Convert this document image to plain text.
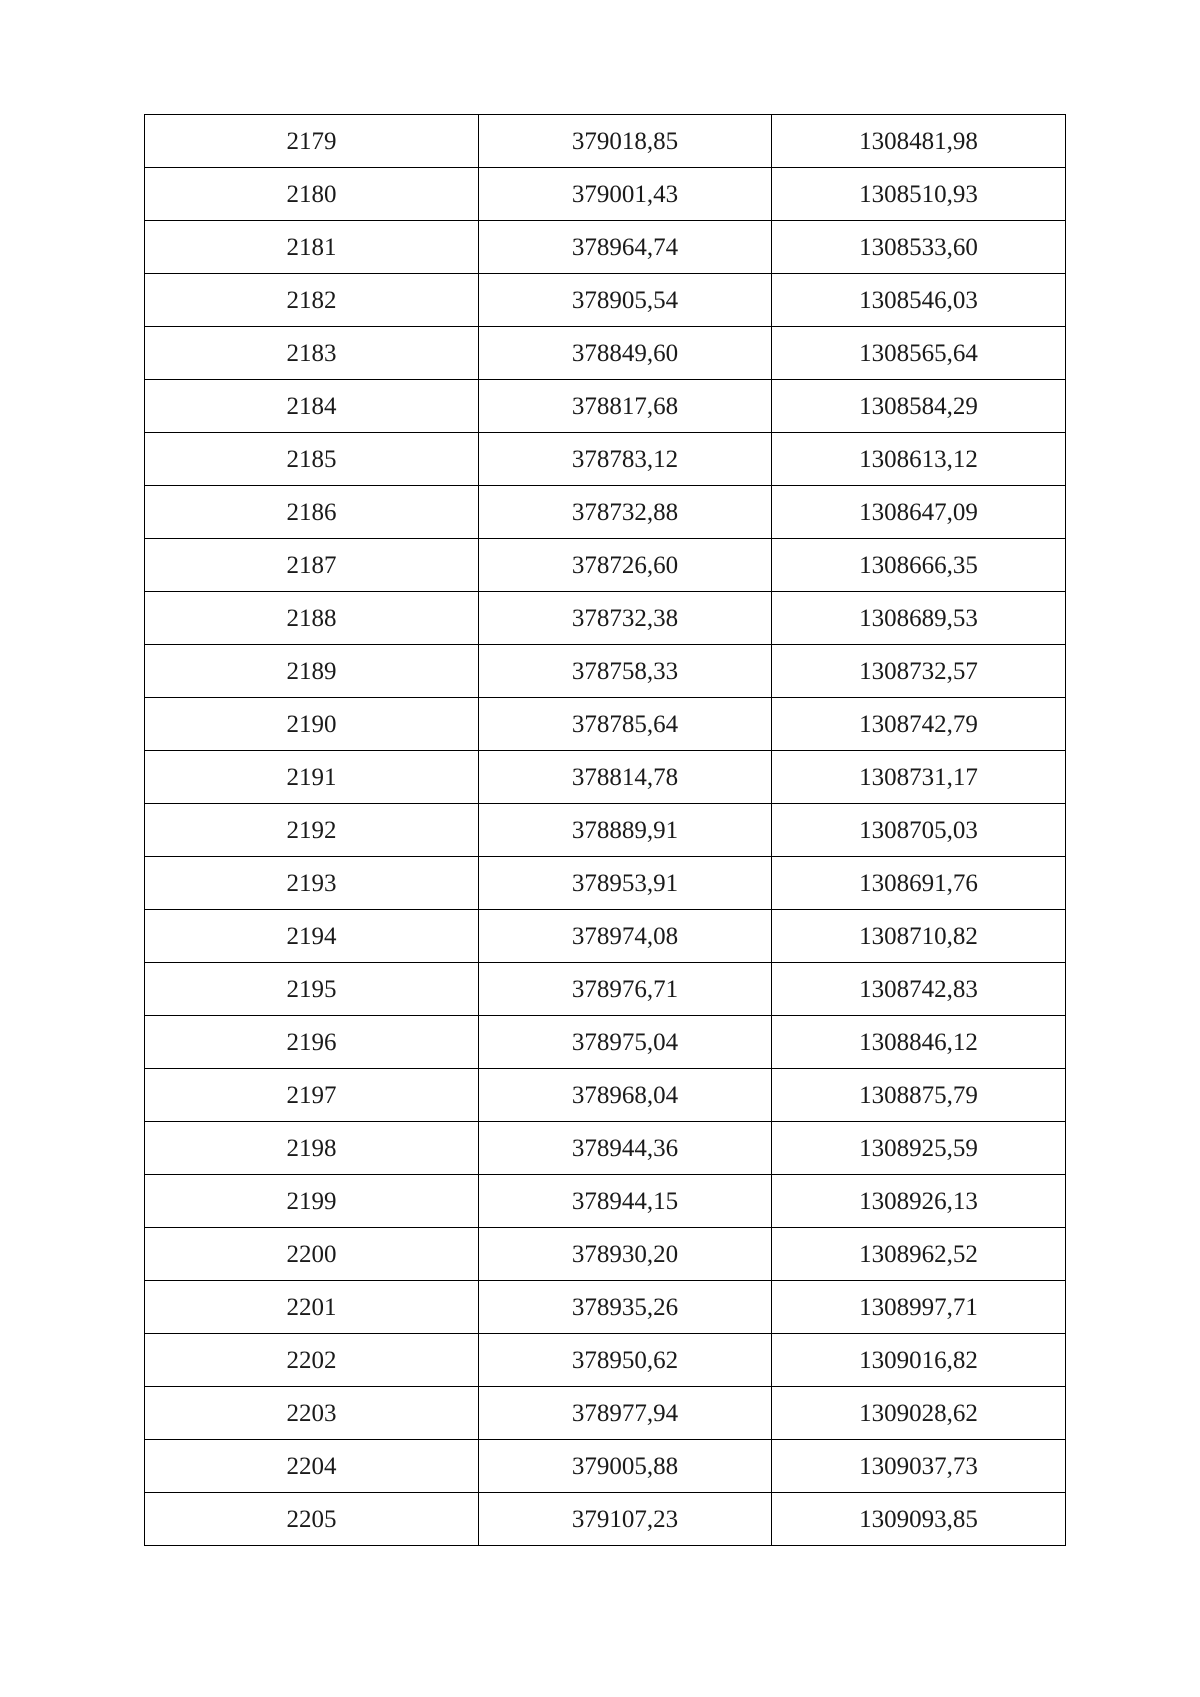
2179	379018,85	1308481,98
2180	379001,43	1308510,93
2181	378964,74	1308533,60
2182	378905,54	1308546,03
2183	378849,60	1308565,64
2184	378817,68	1308584,29
2185	378783,12	1308613,12
2186	378732,88	1308647,09
2187	378726,60	1308666,35
2188	378732,38	1308689,53
2189	378758,33	1308732,57
2190	378785,64	1308742,79
2191	378814,78	1308731,17
2192	378889,91	1308705,03
2193	378953,91	1308691,76
2194	378974,08	1308710,82
2195	378976,71	1308742,83
2196	378975,04	1308846,12
2197	378968,04	1308875,79
2198	378944,36	1308925,59
2199	378944,15	1308926,13
2200	378930,20	1308962,52
2201	378935,26	1308997,71
2202	378950,62	1309016,82
2203	378977,94	1309028,62
2204	379005,88	1309037,73
2205	379107,23	1309093,85
